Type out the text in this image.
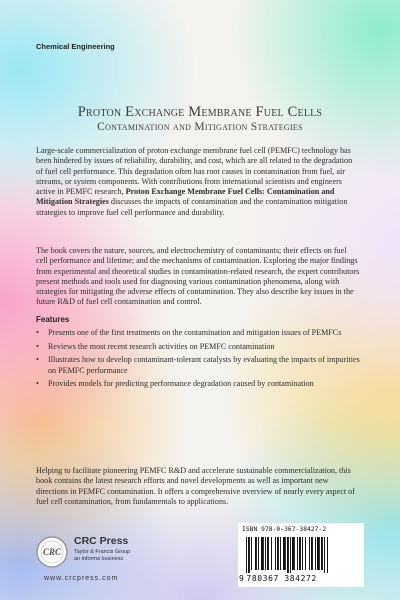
Chemical Engineering
Proton Exchange Membrane Fuel Cells
Contamination and Mitigation Strategies
Large-scale commercialization of proton exchange membrane fuel cell (PEMFC) technology has been hindered by issues of reliability, durability, and cost, which are all related to the degradation of fuel cell performance. This degradation often has root causes in contamination from fuel, air streams, or system components. With contributions from international scientists and engineers active in PEMFC research, Proton Exchange Membrane Fuel Cells: Contamination and Mitigation Strategies discusses the impacts of contamination and the contamination mitigation strategies to improve fuel cell performance and durability.
The book covers the nature, sources, and electrochemistry of contaminants; their effects on fuel cell performance and lifetime; and the mechanisms of contamination. Exploring the major findings from experimental and theoretical studies in contamination-related research, the expert contributors present methods and tools used for diagnosing various contamination phenomena, along with strategies for mitigating the adverse effects of contamination. They also describe key issues in the future R&D of fuel cell contamination and control.
Features
• Presents one of the first treatments on the contamination and mitigation issues of PEMFCs
• Reviews the most recent research activities on PEMFC contamination
• Illustrates how to develop contaminant-tolerant catalysts by evaluating the impacts of impurities on PEMFC performance
• Provides models for predicting performance degradation caused by contamination
Helping to facilitate pioneering PEMFC R&D and accelerate sustainable commercialization, this book contains the latest research efforts and novel developments as well as important new directions in PEMFC contamination. It offers a comprehensive overview of nearly every aspect of fuel cell contamination, from fundamentals to applications.
CRC
CRC Press
Taylor & Francis Group
an informa business
www.crcpress.com
ISBN 978-0-367-38427-2
9 780367 384272
